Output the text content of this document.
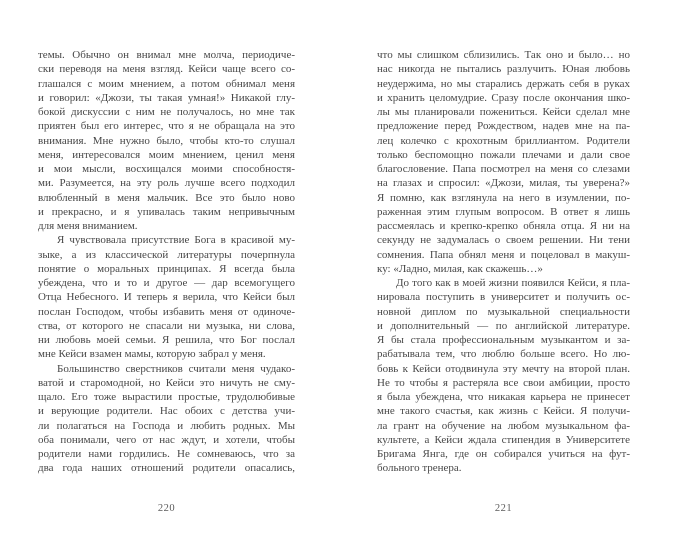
темы. Обычно он внимал мне молча, периодиче-
ски переводя на меня взгляд. Кейси чаще всего со-
глашался с моим мнением, а потом обнимал меня
и говорил: «Джози, ты такая умная!» Никакой глу-
бокой дискуссии с ним не получалось, но мне так
приятен был его интерес, что я не обращала на это
внимания. Мне нужно было, чтобы кто-то слушал
меня, интересовался моим мнением, ценил меня
и мои мысли, восхищался моими способностя-
ми. Разумеется, на эту роль лучше всего подходил
влюбленный в меня мальчик. Все это было ново
и прекрасно, и я упивалась таким непривычным
для меня вниманием.
Я чувствовала присутствие Бога в красивой му-
зыке, а из классической литературы почерпнула
понятие о моральных принципах. Я всегда была
убеждена, что и то и другое — дар всемогущего
Отца Небесного. И теперь я верила, что Кейси был
послан Господом, чтобы избавить меня от одиноче-
ства, от которого не спасали ни музыка, ни слова,
ни любовь моей семьи. Я решила, что Бог послал
мне Кейси взамен мамы, которую забрал у меня.
Большинство сверстников считали меня чудако-
ватой и старомодной, но Кейси это ничуть не сму-
щало. Его тоже вырастили простые, трудолюбивые
и верующие родители. Нас обоих с детства учи-
ли полагаться на Господа и любить родных. Мы
оба понимали, чего от нас ждут, и хотели, чтобы
родители нами гордились. Не сомневаюсь, что за
два года наших отношений родители опасались,
220
что мы слишком сблизились. Так оно и было… но
нас никогда не пытались разлучить. Юная любовь
неудержима, но мы старались держать себя в руках
и хранить целомудрие. Сразу после окончания шко-
лы мы планировали пожениться. Кейси сделал мне
предложение перед Рождеством, надев мне на па-
лец колечко с крохотным бриллиантом. Родители
только беспомощно пожали плечами и дали свое
благословение. Папа посмотрел на меня со слезами
на глазах и спросил: «Джози, милая, ты уверена?»
Я помню, как взглянула на него в изумлении, по-
раженная этим глупым вопросом. В ответ я лишь
рассмеялась и крепко-крепко обняла отца. Я ни на
секунду не задумалась о своем решении. Ни тени
сомнения. Папа обнял меня и поцеловал в макуш-
ку: «Ладно, милая, как скажешь…»
До того как в моей жизни появился Кейси, я пла-
нировала поступить в университет и получить ос-
новной диплом по музыкальной специальности
и дополнительный — по английской литературе.
Я бы стала профессиональным музыкантом и за-
рабатывала тем, что люблю больше всего. Но лю-
бовь к Кейси отодвинула эту мечту на второй план.
Не то чтобы я растеряла все свои амбиции, просто
я была убеждена, что никакая карьера не принесет
мне такого счастья, как жизнь с Кейси. Я получи-
ла грант на обучение на любом музыкальном фа-
культете, а Кейси ждала стипендия в Университете
Бригама Янга, где он собирался учиться на фут-
больного тренера.
221
